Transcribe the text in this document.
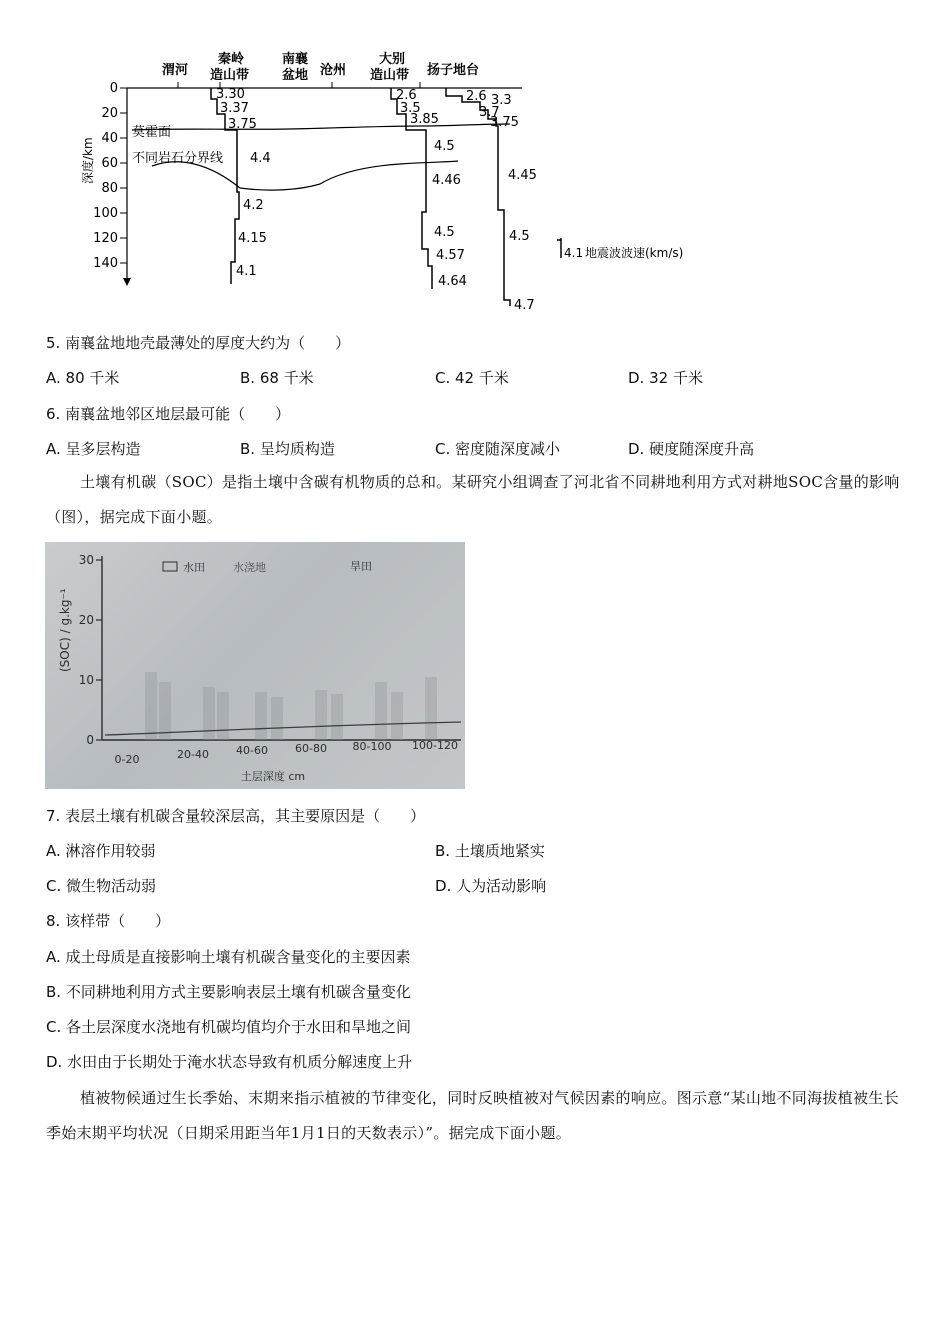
0
20
40
60
80
100
120
140
深度/km
渭河
秦岭
造山带
南襄
盆地 沧州
大别
造山带 扬子地台
莫霍面
不同岩石分界线
3.30
3.37
3.75
4.4
4.2
4.15
4.1
2.6
3.5
3.85
4.5
4.46
4.5
4.57
4.64
2.6 3.3
3.7
3.75
4.45
4.5
4.7
4.1 地震波波速(km/s)
5. 南襄盆地地壳最薄处的厚度大约为（　　）
A. 80 千米	B. 68 千米	C. 42 千米	D. 32 千米
6. 南襄盆地邻区地层最可能（　　）
A. 呈多层构造	B. 呈均质构造	C. 密度随深度减小	D. 硬度随深度升高
土壤有机碳（SOC）是指土壤中含碳有机物质的总和。某研究小组调查了河北省不同耕地利用方式对耕地SOC含量的影响（图），据完成下面小题。
30
20
10
0
(SOC) / g.kg⁻¹
水田	水浇地	旱田
0-20	20-40 40-60 60-80 80-100 100-120
土层深度 cm
7. 表层土壤有机碳含量较深层高，其主要原因是（　　）
A. 淋溶作用较弱	B. 土壤质地紧实
C. 微生物活动弱	D. 人为活动影响
8. 该样带（　　）
A. 成土母质是直接影响土壤有机碳含量变化的主要因素
B. 不同耕地利用方式主要影响表层土壤有机碳含量变化
C. 各土层深度水浇地有机碳均值均介于水田和旱地之间
D. 水田由于长期处于淹水状态导致有机质分解速度上升
植被物候通过生长季始、末期来指示植被的节律变化，同时反映植被对气候因素的响应。图示意“某山地不同海拔植被生长季始末期平均状况（日期采用距当年1月1日的天数表示）”。据完成下面小题。
